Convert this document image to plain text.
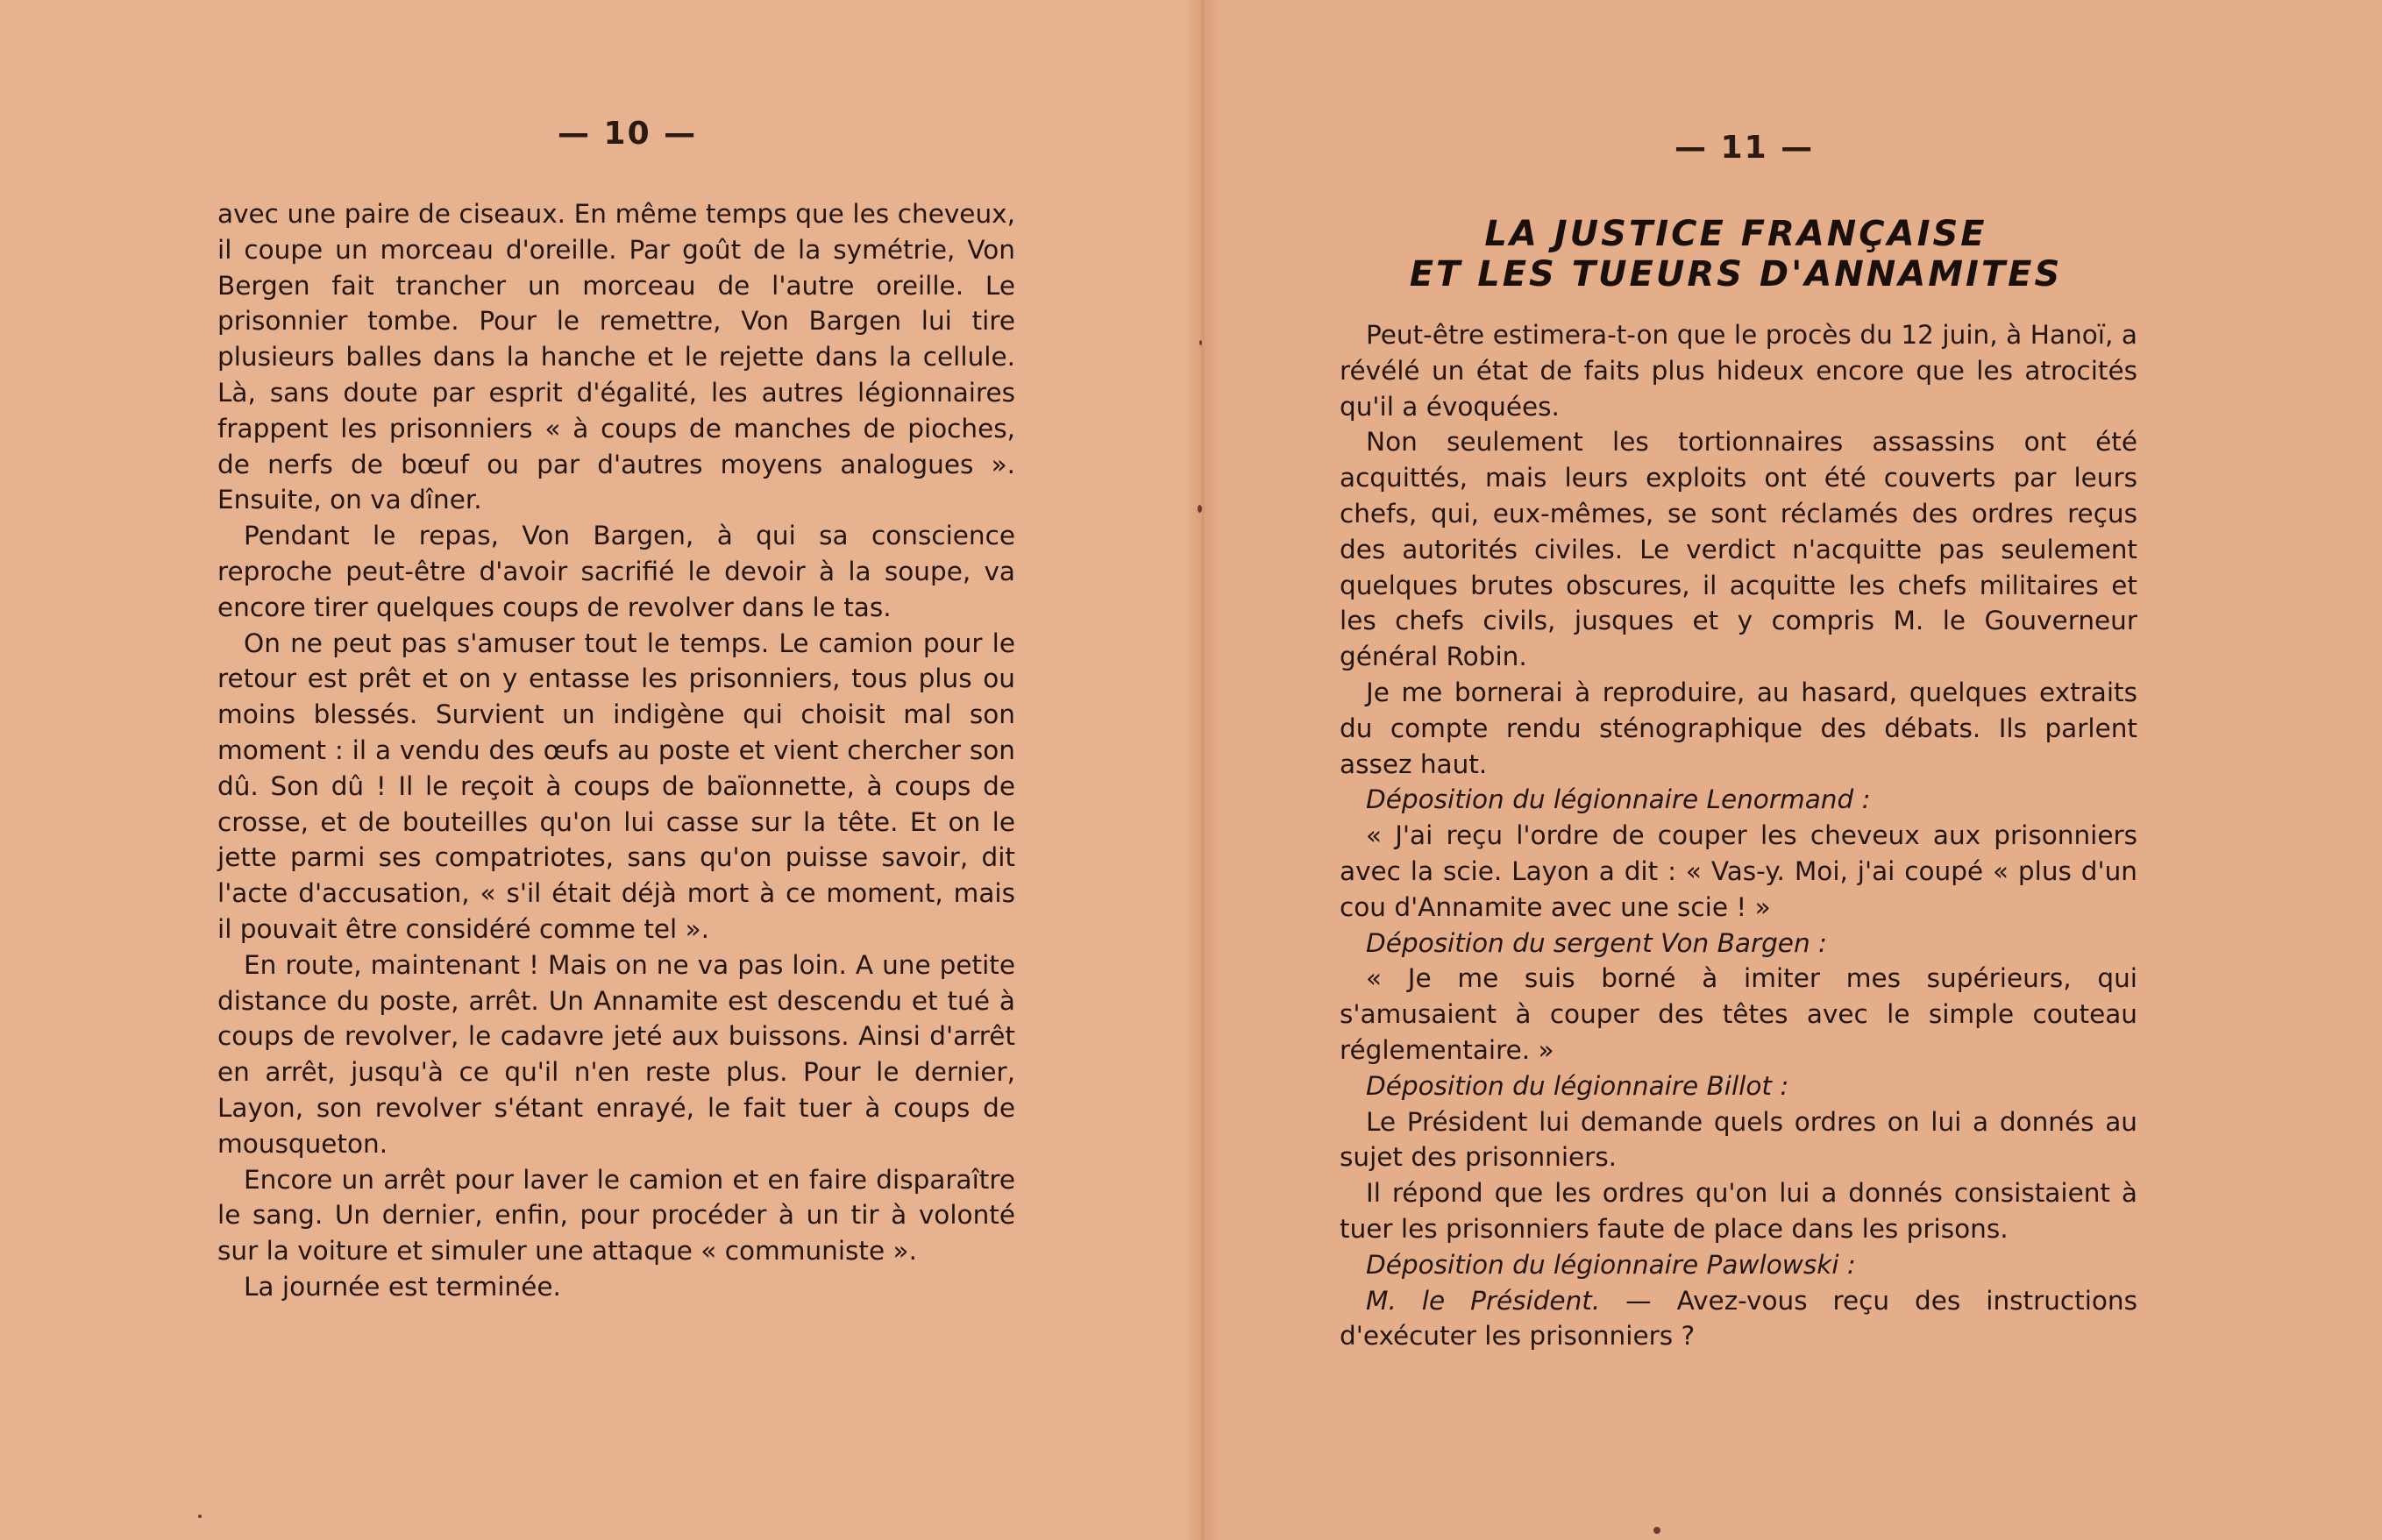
— 10 —

avec une paire de ciseaux. En même temps que les cheveux, il coupe un morceau d'oreille. Par goût de la symétrie, Von Bergen fait trancher un morceau de l'autre oreille. Le prisonnier tombe. Pour le remettre, Von Bargen lui tire plusieurs balles dans la hanche et le rejette dans la cellule. Là, sans doute par esprit d'égalité, les autres légionnaires frappent les prisonniers « à coups de manches de pioches, de nerfs de bœuf ou par d'autres moyens analogues ». Ensuite, on va dîner.

Pendant le repas, Von Bargen, à qui sa conscience reproche peut-être d'avoir sacrifié le devoir à la soupe, va encore tirer quelques coups de revolver dans le tas.

On ne peut pas s'amuser tout le temps. Le camion pour le retour est prêt et on y entasse les prisonniers, tous plus ou moins blessés. Survient un indigène qui choisit mal son moment : il a vendu des œufs au poste et vient chercher son dû. Son dû ! Il le reçoit à coups de baïonnette, à coups de crosse, et de bouteilles qu'on lui casse sur la tête. Et on le jette parmi ses compatriotes, sans qu'on puisse savoir, dit l'acte d'accusation, « s'il était déjà mort à ce moment, mais il pouvait être considéré comme tel ».

En route, maintenant ! Mais on ne va pas loin. A une petite distance du poste, arrêt. Un Annamite est descendu et tué à coups de revolver, le cadavre jeté aux buissons. Ainsi d'arrêt en arrêt, jusqu'à ce qu'il n'en reste plus. Pour le dernier, Layon, son revolver s'étant enrayé, le fait tuer à coups de mousqueton.

Encore un arrêt pour laver le camion et en faire disparaître le sang. Un dernier, enfin, pour procéder à un tir à volonté sur la voiture et simuler une attaque « communiste ».

La journée est terminée.

— 11 —
LA JUSTICE FRANÇAISE
ET LES TUEURS D'ANNAMITES

Peut-être estimera-t-on que le procès du 12 juin, à Hanoï, a révélé un état de faits plus hideux encore que les atrocités qu'il a évoquées.

Non seulement les tortionnaires assassins ont été acquittés, mais leurs exploits ont été couverts par leurs chefs, qui, eux-mêmes, se sont réclamés des ordres reçus des autorités civiles. Le verdict n'acquitte pas seulement quelques brutes obscures, il acquitte les chefs militaires et les chefs civils, jusques et y compris M. le Gouverneur général Robin.

Je me bornerai à reproduire, au hasard, quelques extraits du compte rendu sténographique des débats. Ils parlent assez haut.

Déposition du légionnaire Lenormand :

« J'ai reçu l'ordre de couper les cheveux aux prisonniers avec la scie. Layon a dit : « Vas-y. Moi, j'ai coupé « plus d'un cou d'Annamite avec une scie ! »

Déposition du sergent Von Bargen :

« Je me suis borné à imiter mes supérieurs, qui s'amusaient à couper des têtes avec le simple couteau réglementaire. »

Déposition du légionnaire Billot :

Le Président lui demande quels ordres on lui a donnés au sujet des prisonniers.

Il répond que les ordres qu'on lui a donnés consistaient à tuer les prisonniers faute de place dans les prisons.

Déposition du légionnaire Pawlowski :

M. le Président. — Avez-vous reçu des instructions d'exécuter les prisonniers ?
